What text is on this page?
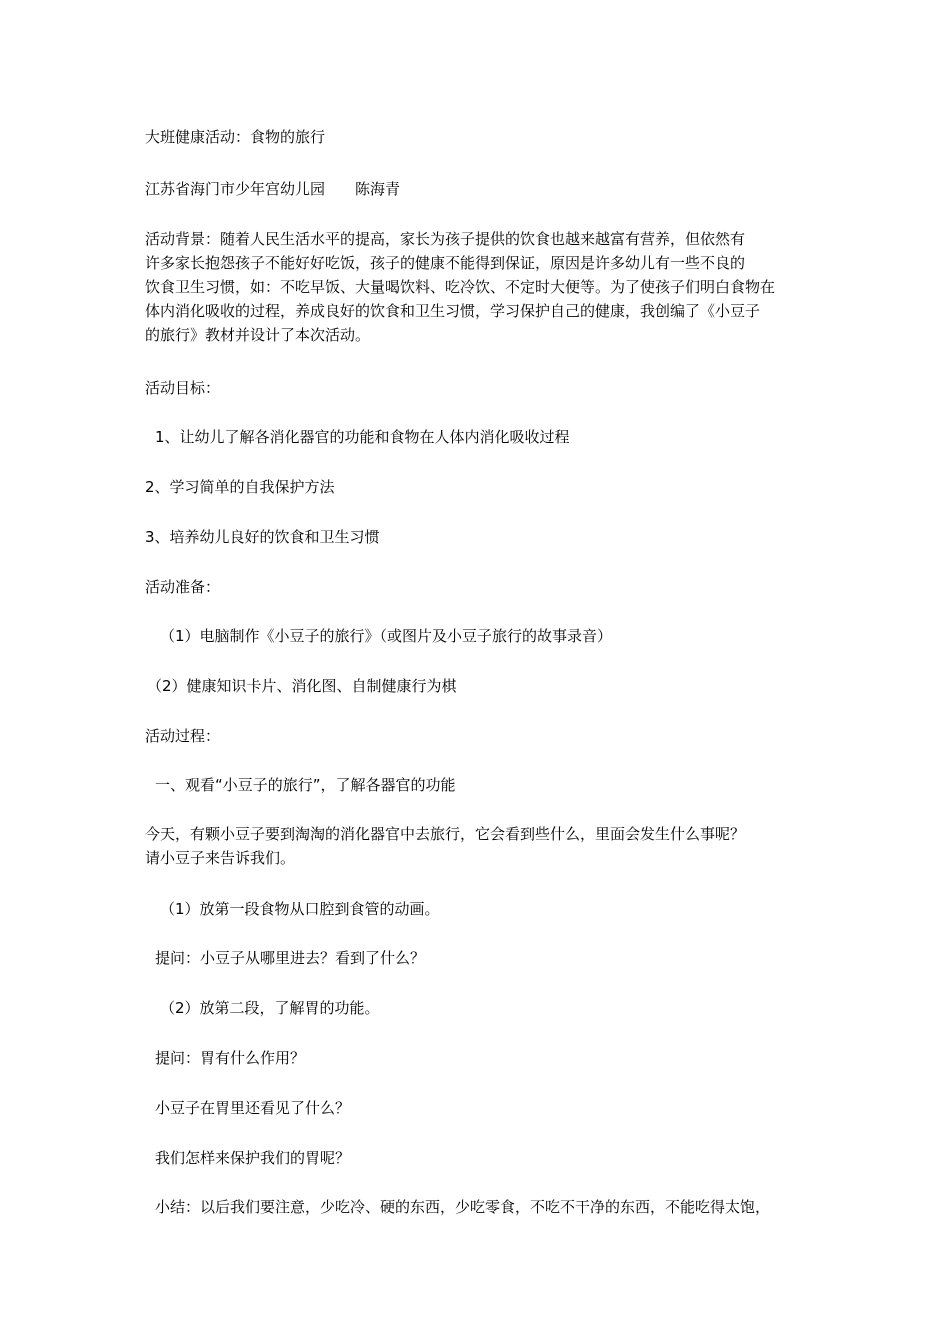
大班健康活动：食物的旅行
江苏省海门市少年宫幼儿园　　陈海青
活动背景：随着人民生活水平的提高，家长为孩子提供的饮食也越来越富有营养，但依然有
许多家长抱怨孩子不能好好吃饭，孩子的健康不能得到保证，原因是许多幼儿有一些不良的
饮食卫生习惯，如：不吃早饭、大量喝饮料、吃冷饮、不定时大便等。为了使孩子们明白食物在
体内消化吸收的过程，养成良好的饮食和卫生习惯，学习保护自己的健康，我创编了《小豆子
的旅行》教材并设计了本次活动。
活动目标：
1、让幼儿了解各消化器官的功能和食物在人体内消化吸收过程
2、学习简单的自我保护方法
3、培养幼儿良好的饮食和卫生习惯
活动准备：
（1）电脑制作《小豆子的旅行》（或图片及小豆子旅行的故事录音）
（2）健康知识卡片、消化图、自制健康行为棋
活动过程：
一、观看“小豆子的旅行”，了解各器官的功能
今天，有颗小豆子要到淘淘的消化器官中去旅行，它会看到些什么，里面会发生什么事呢？
请小豆子来告诉我们。
（1）放第一段食物从口腔到食管的动画。
提问：小豆子从哪里进去？看到了什么？
（2）放第二段，了解胃的功能。
提问：胃有什么作用？
小豆子在胃里还看见了什么？
我们怎样来保护我们的胃呢？
小结：以后我们要注意，少吃冷、硬的东西，少吃零食，不吃不干净的东西，不能吃得太饱，
